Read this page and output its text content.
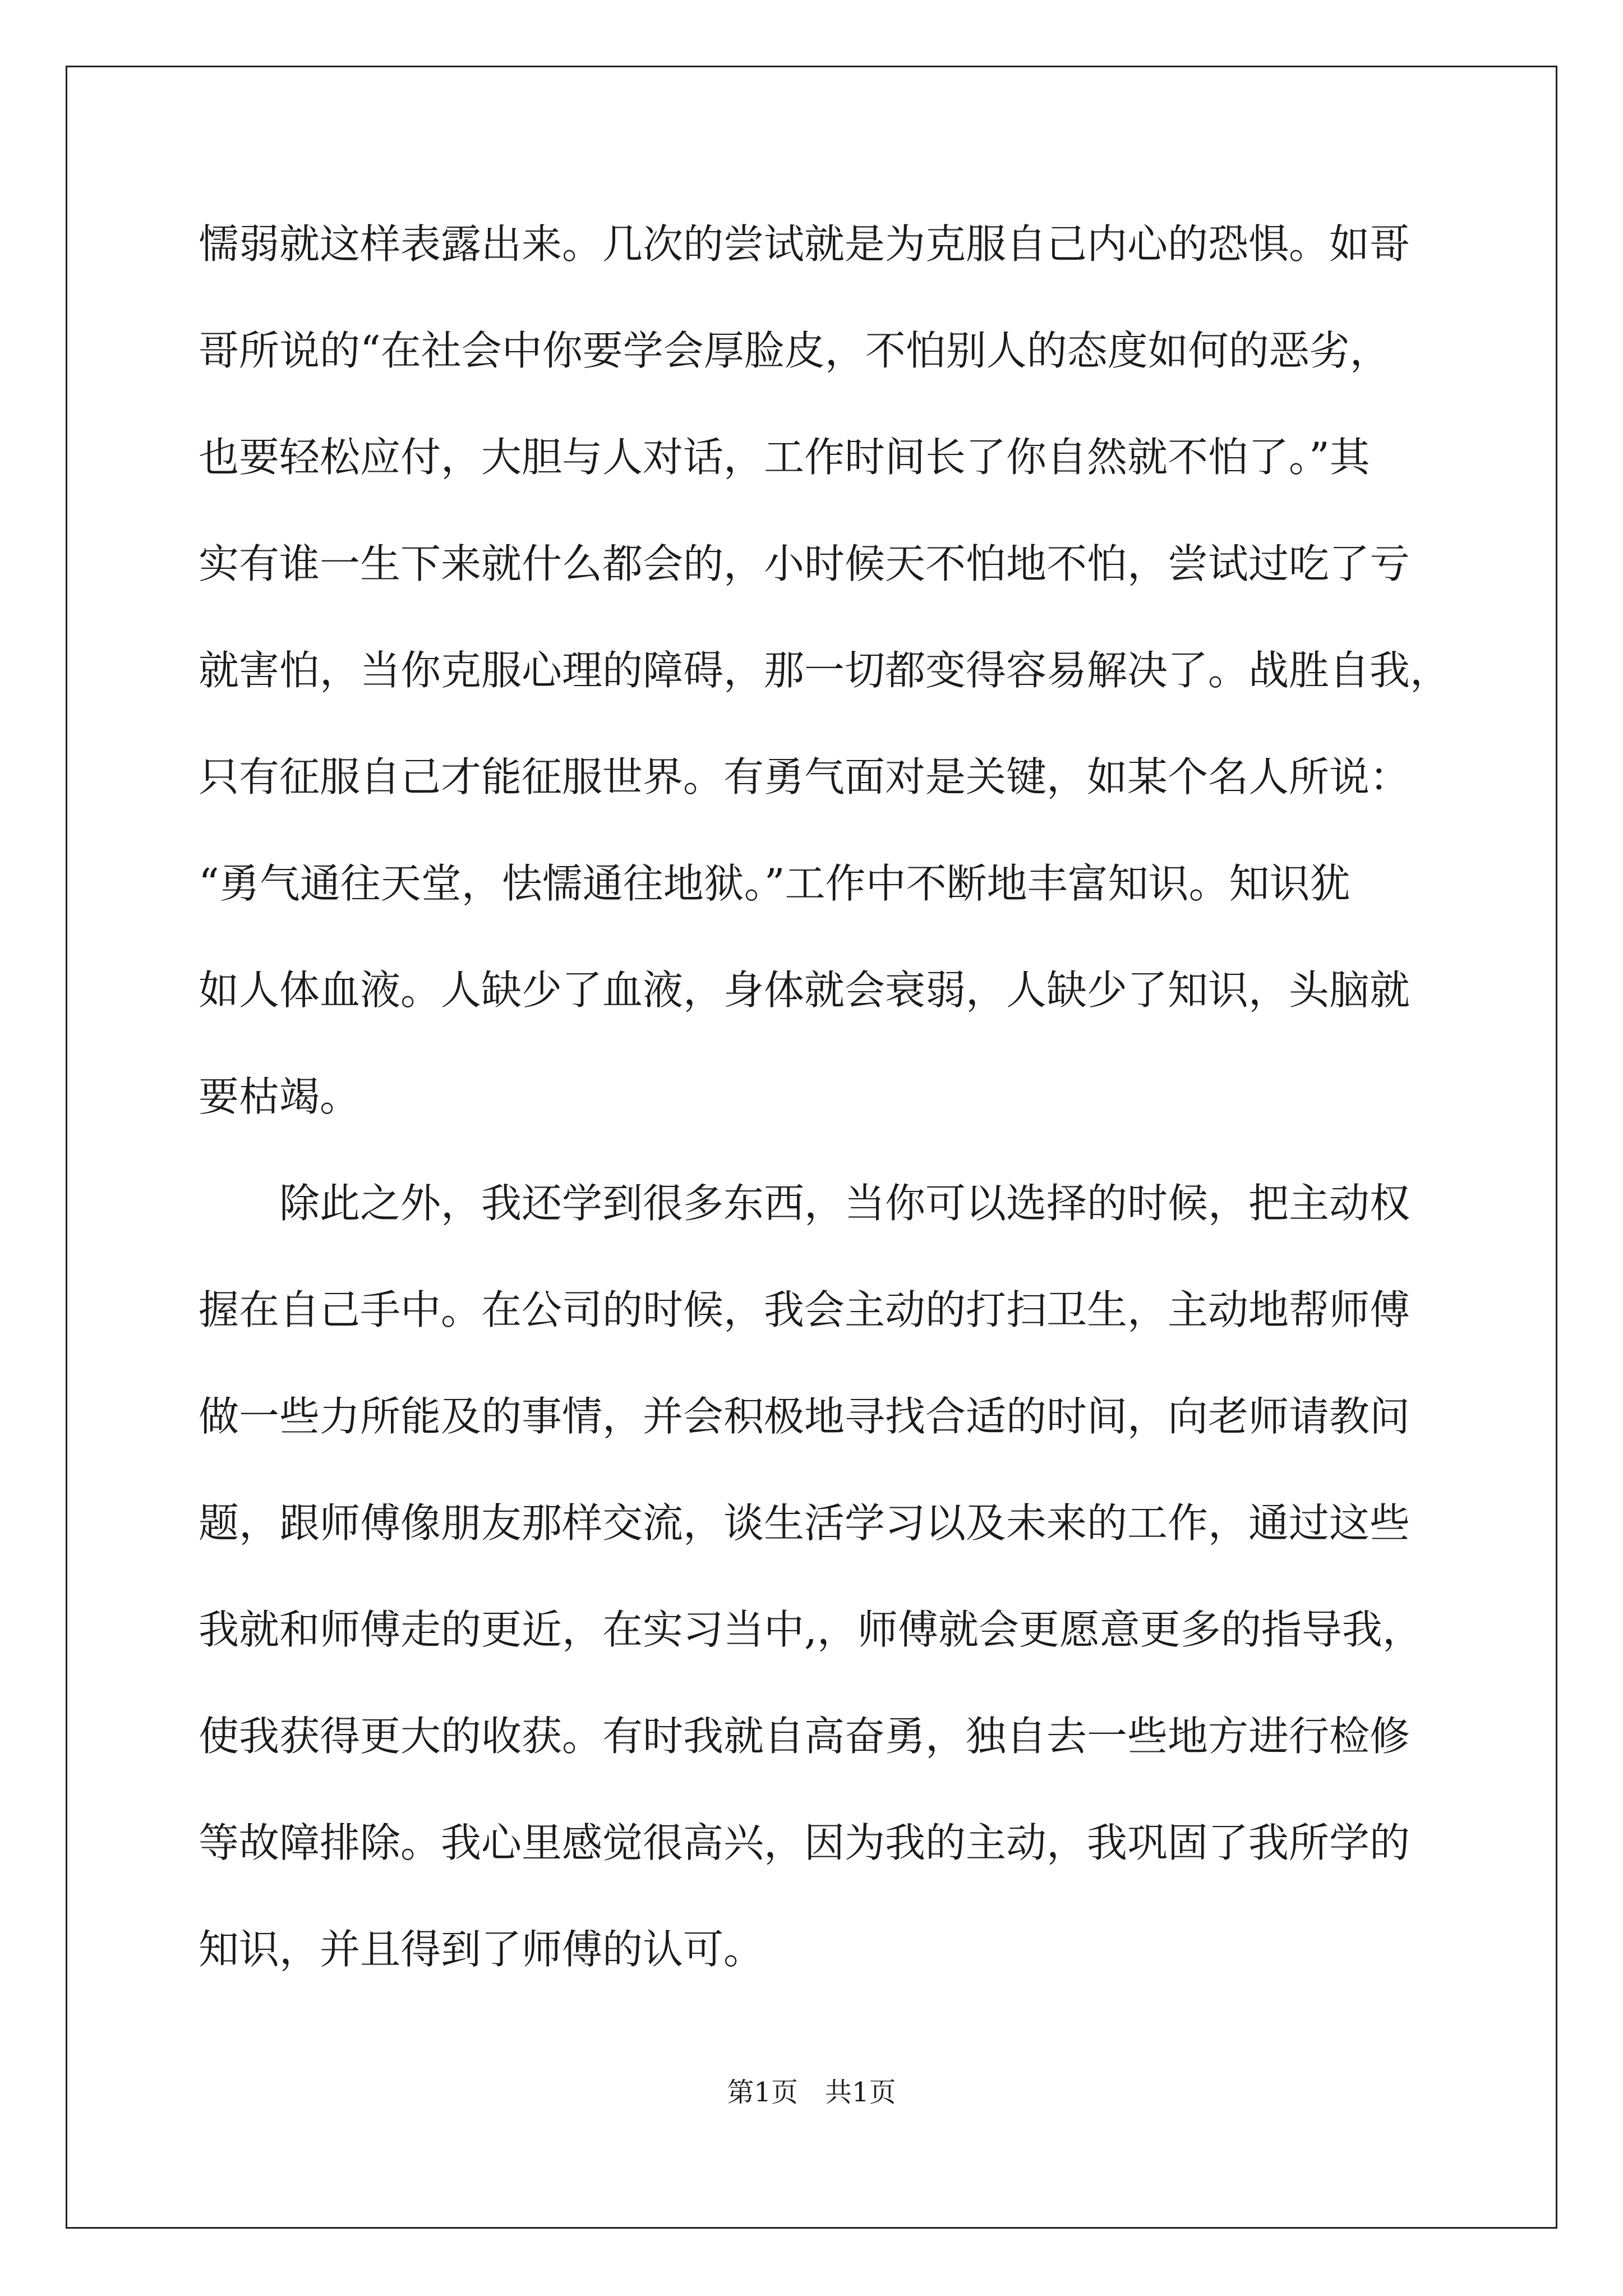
懦弱就这样表露出来。几次的尝试就是为克服自己内心的恐惧。如哥
哥所说的“在社会中你要学会厚脸皮，不怕别人的态度如何的恶劣，
也要轻松应付，大胆与人对话，工作时间长了你自然就不怕了。”其
实有谁一生下来就什么都会的，小时候天不怕地不怕，尝试过吃了亏
就害怕，当你克服心理的障碍，那一切都变得容易解决了。战胜自我，
只有征服自己才能征服世界。有勇气面对是关键，如某个名人所说：
“勇气通往天堂，怯懦通往地狱。”工作中不断地丰富知识。知识犹
如人体血液。人缺少了血液，身体就会衰弱，人缺少了知识，头脑就
要枯竭。
除此之外，我还学到很多东西，当你可以选择的时候，把主动权
握在自己手中。在公司的时候，我会主动的打扫卫生，主动地帮师傅
做一些力所能及的事情，并会积极地寻找合适的时间，向老师请教问
题，跟师傅像朋友那样交流，谈生活学习以及未来的工作，通过这些
我就和师傅走的更近，在实习当中,，师傅就会更愿意更多的指导我，
使我获得更大的收获。有时我就自高奋勇，独自去一些地方进行检修
等故障排除。我心里感觉很高兴，因为我的主动，我巩固了我所学的
知识，并且得到了师傅的认可。
第1页　共1页
